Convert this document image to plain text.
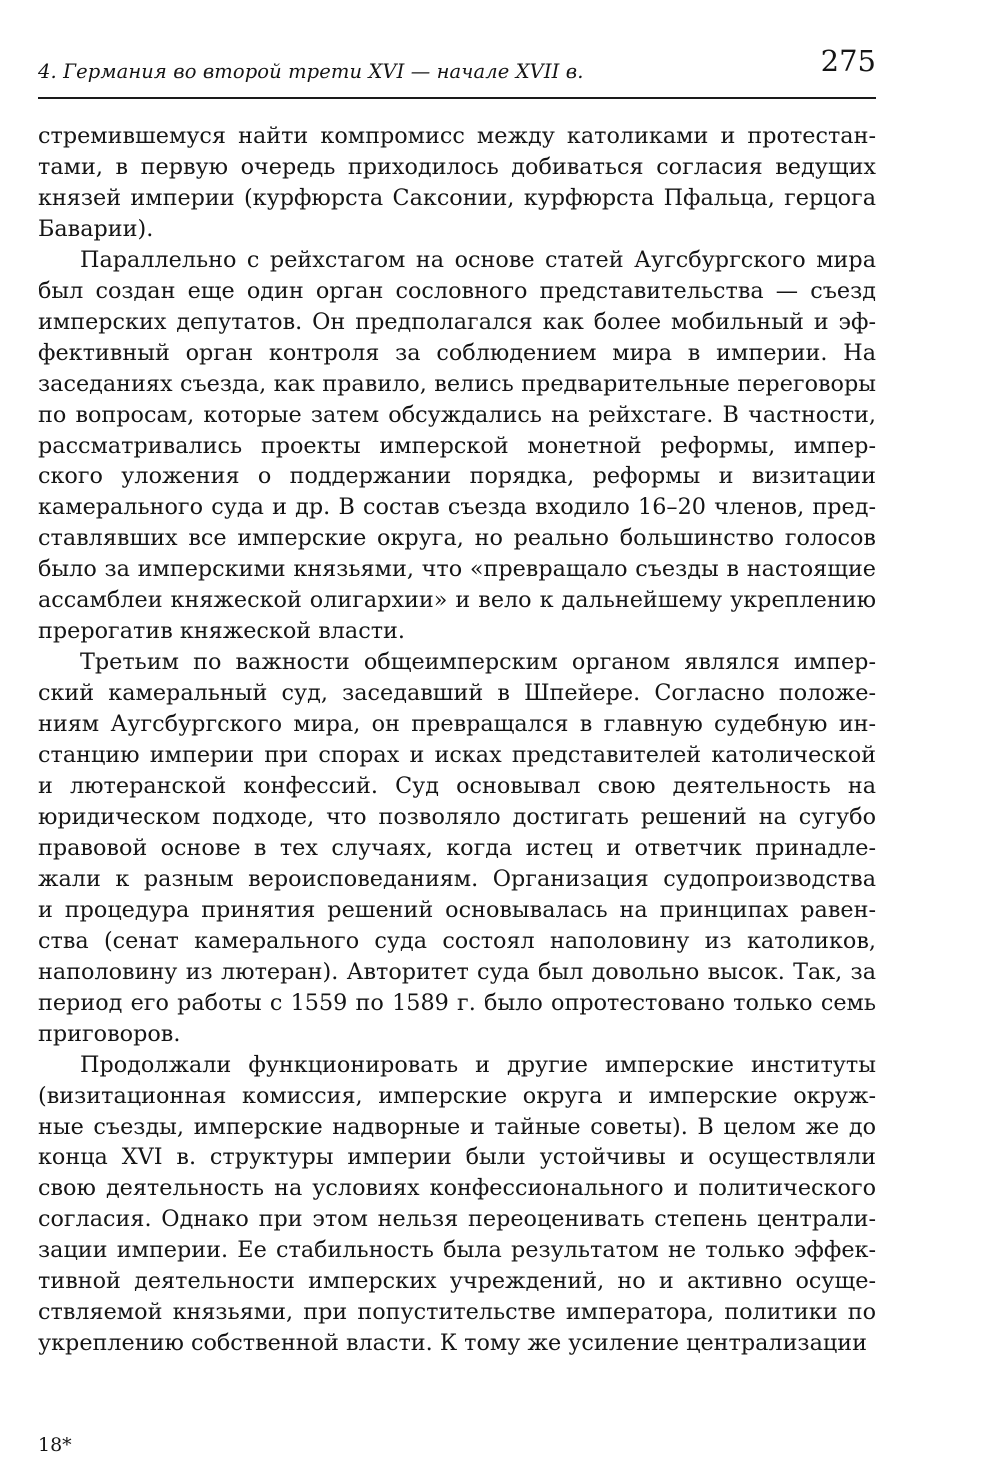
4. Германия во второй трети XVI — начале XVII в.	275
стремившемуся найти компромисс между католиками и протестан-
тами, в первую очередь приходилось добиваться согласия ведущих
князей империи (курфюрста Саксонии, курфюрста Пфальца, герцога
Баварии).
Параллельно с рейхстагом на основе статей Аугсбургского мира
был создан еще один орган сословного представительства — съезд
имперских депутатов. Он предполагался как более мобильный и эф-
фективный орган контроля за соблюдением мира в империи. На
заседаниях съезда, как правило, велись предварительные переговоры
по вопросам, которые затем обсуждались на рейхстаге. В частности,
рассматривались проекты имперской монетной реформы, импер-
ского уложения о поддержании порядка, реформы и визитации
камерального суда и др. В состав съезда входило 16–20 членов, пред-
ставлявших все имперские округа, но реально большинство голосов
было за имперскими князьями, что «превращало съезды в настоящие
ассамблеи княжеской олигархии» и вело к дальнейшему укреплению
прерогатив княжеской власти.
Третьим по важности общеимперским органом являлся импер-
ский камеральный суд, заседавший в Шпейере. Согласно положе-
ниям Аугсбургского мира, он превращался в главную судебную ин-
станцию империи при спорах и исках представителей католической
и лютеранской конфессий. Суд основывал свою деятельность на
юридическом подходе, что позволяло достигать решений на сугубо
правовой основе в тех случаях, когда истец и ответчик принадле-
жали к разным вероисповеданиям. Организация судопроизводства
и процедура принятия решений основывалась на принципах равен-
ства (сенат камерального суда состоял наполовину из католиков,
наполовину из лютеран). Авторитет суда был довольно высок. Так, за
период его работы с 1559 по 1589 г. было опротестовано только семь
приговоров.
Продолжали функционировать и другие имперские институты
(визитационная комиссия, имперские округа и имперские окруж-
ные съезды, имперские надворные и тайные советы). В целом же до
конца XVI в. структуры империи были устойчивы и осуществляли
свою деятельность на условиях конфессионального и политического
согласия. Однако при этом нельзя переоценивать степень централи-
зации империи. Ее стабильность была результатом не только эффек-
тивной деятельности имперских учреждений, но и активно осуще-
ствляемой князьями, при попустительстве императора, политики по
укреплению собственной власти. К тому же усиление централизации
18*
